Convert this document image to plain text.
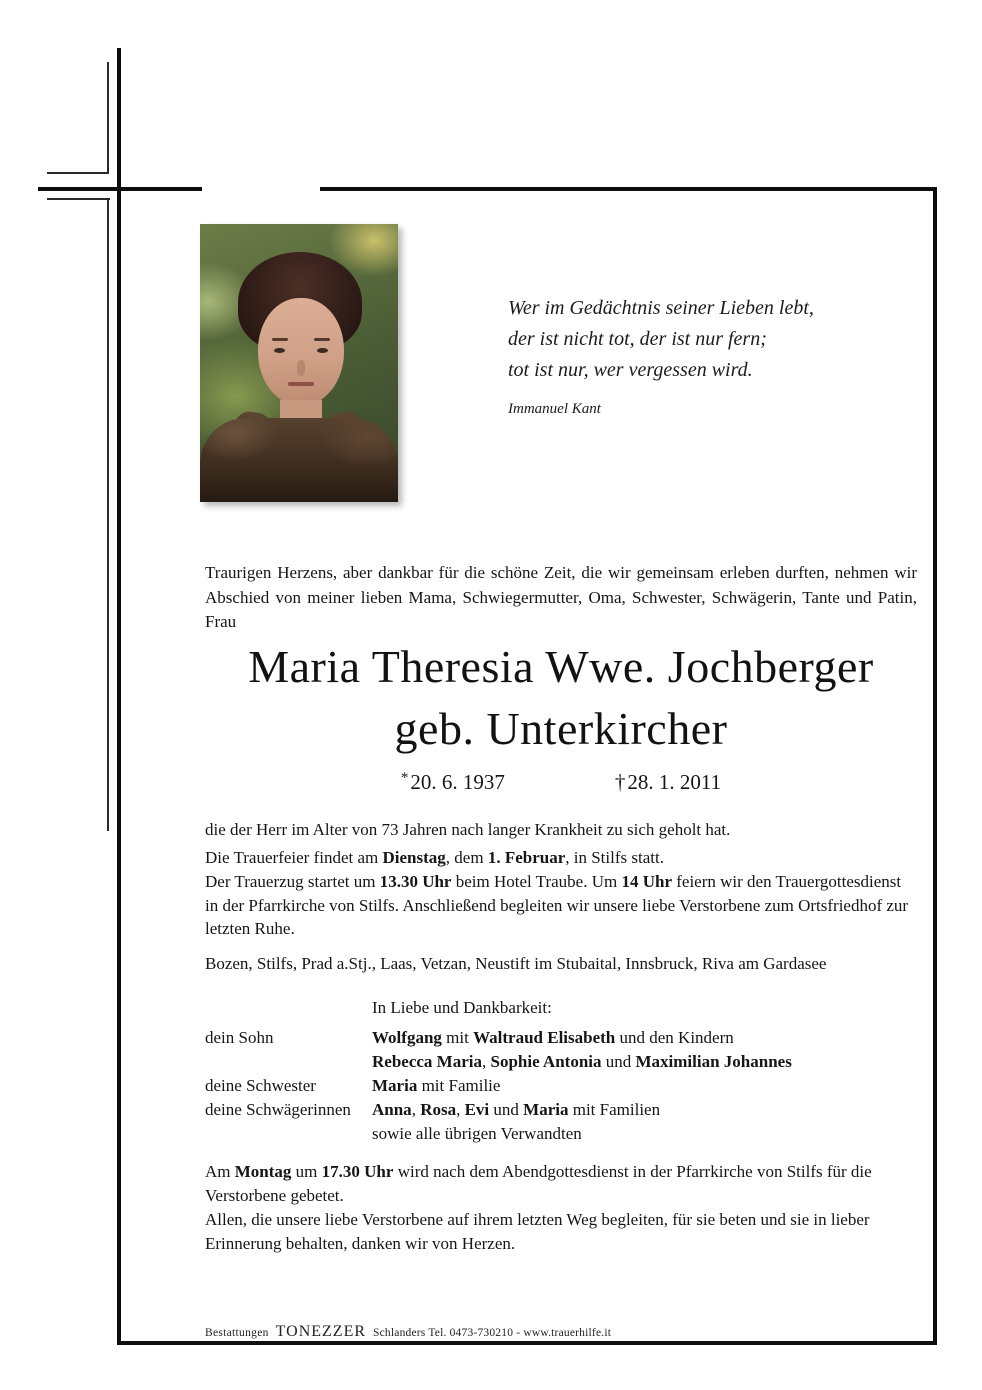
Wer im Gedächtnis seiner Lieben lebt,
der ist nicht tot, der ist nur fern;
tot ist nur, wer vergessen wird.
Immanuel Kant

Traurigen Herzens, aber dankbar für die schöne Zeit, die wir gemeinsam erleben durften, nehmen wir Abschied von meiner lieben Mama, Schwiegermutter, Oma, Schwester, Schwägerin, Tante und Patin, Frau

Maria Theresia Wwe. Jochberger
geb. Unterkircher
*20. 6. 1937	†28. 1. 2011

die der Herr im Alter von 73 Jahren nach langer Krankheit zu sich geholt hat.

Die Trauerfeier findet am Dienstag, dem 1. Februar, in Stilfs statt.

Der Trauerzug startet um 13.30 Uhr beim Hotel Traube. Um 14 Uhr feiern wir den Trauergottesdienst in der Pfarrkirche von Stilfs. Anschließend begleiten wir unsere liebe Verstorbene zum Ortsfriedhof zur letzten Ruhe.

Bozen, Stilfs, Prad a.Stj., Laas, Vetzan, Neustift im Stubaital, Innsbruck, Riva am Gardasee

In Liebe und Dankbarkeit:

dein Sohn	Wolfgang mit Waltraud Elisabeth und den Kindern
Rebecca Maria, Sophie Antonia und Maximilian Johannes
deine Schwester	Maria mit Familie
deine Schwägerinnen	Anna, Rosa, Evi und Maria mit Familien
sowie alle übrigen Verwandten

Am Montag um 17.30 Uhr wird nach dem Abendgottesdienst in der Pfarrkirche von Stilfs für die Verstorbene gebetet.

Allen, die unsere liebe Verstorbene auf ihrem letzten Weg begleiten, für sie beten und sie in lieber Erinnerung behalten, danken wir von Herzen.

Bestattungen TONEZZER Schlanders Tel. 0473-730210 - www.trauerhilfe.it
